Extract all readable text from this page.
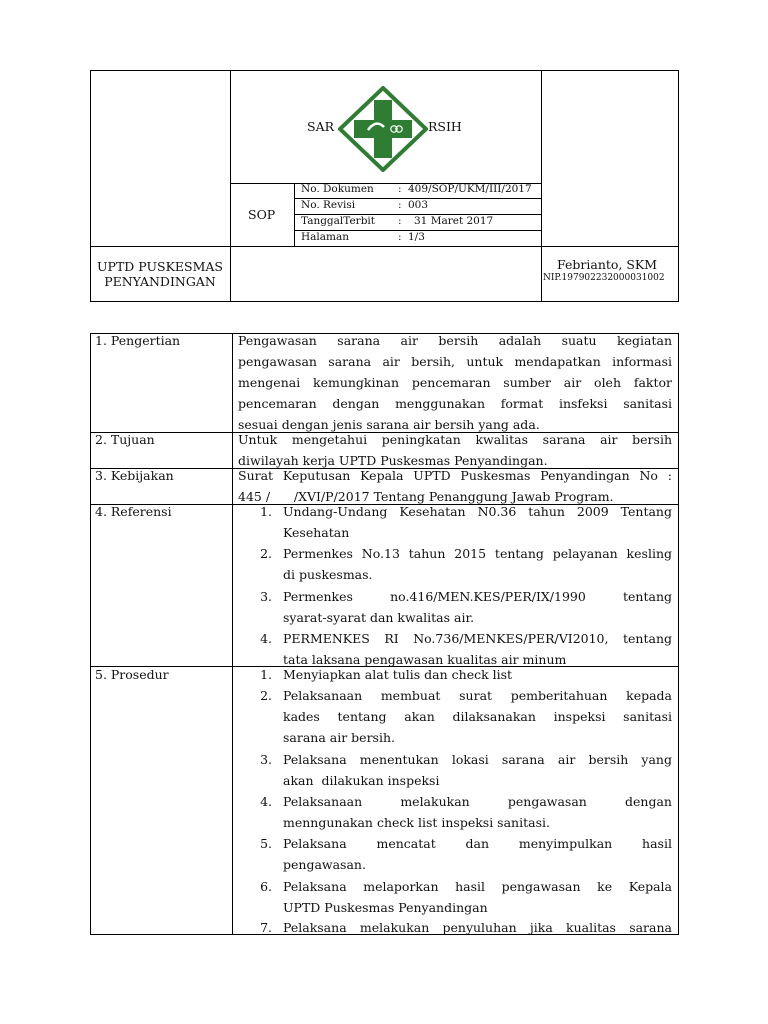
SAR	RSIH
SOP
No. Dokumen : 409/SOP/UKM/III/2017
No. Revisi	: 003
TanggalTerbit : 31 Maret 2017
Halaman	: 1/3
UPTD PUSKESMAS
PENYANDINGAN
Febrianto, SKM
NIP.197902232000031002
1. Pengertian	Pengawasan sarana air bersih adalah suatu kegiatan
pengawasan sarana air bersih, untuk mendapatkan informasi
mengenai kemungkinan pencemaran sumber air oleh faktor
pencemaran dengan menggunakan format insfeksi sanitasi
sesuai dengan jenis sarana air bersih yang ada.
2. Tujuan	Untuk mengetahui peningkatan kwalitas sarana air bersih
diwilayah kerja UPTD Puskesmas Penyandingan.
3. Kebijakan	Surat Keputusan Kepala UPTD Puskesmas Penyandingan No :
445 /      /XVI/P/2017 Tentang Penanggung Jawab Program.
4. Referensi	1. Undang-Undang Kesehatan N0.36 tahun 2009 Tentang
Kesehatan
2. Permenkes No.13 tahun 2015 tentang pelayanan kesling
di puskesmas.
3. Permenkes	no.416/MEN.KES/PER/IX/1990	tentang
syarat-syarat dan kwalitas air.
4. PERMENKES RI No.736/MENKES/PER/VI2010, tentang
tata laksana pengawasan kualitas air minum
5. Prosedur	1. Menyiapkan alat tulis dan check list
2. Pelaksanaan membuat surat pemberitahuan kepada
kades tentang akan dilaksanakan inspeksi sanitasi
sarana air bersih.
3. Pelaksana menentukan lokasi sarana air bersih yang
akan  dilakukan inspeksi
4. Pelaksanaan	melakukan	pengawasan	dengan
menngunakan check list inspeksi sanitasi.
5. Pelaksana mencatat dan menyimpulkan hasil
pengawasan.
6. Pelaksana melaporkan hasil pengawasan ke Kepala
UPTD Puskesmas Penyandingan
7. Pelaksana melakukan penyuluhan jika kualitas sarana
